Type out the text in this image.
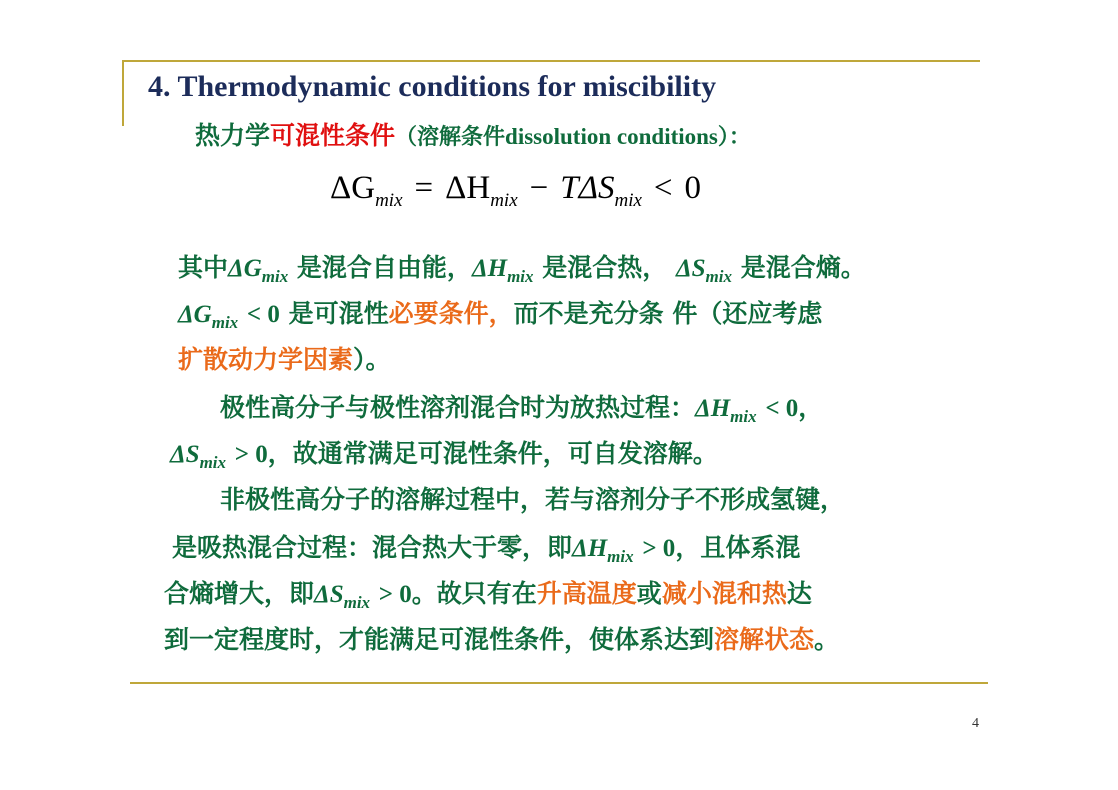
4. Thermodynamic conditions for miscibility
热力学可混性条件（溶解条件dissolution conditions）：
$\Delta G_{mix} = \Delta H_{mix} - T\Delta S_{mix} < 0$
其中$\Delta G_{mix}$ 是混合自由能，$\Delta H_{mix}$ 是混合热， $\Delta S_{mix}$ 是混合熵。
$\Delta G_{mix} < 0$ 是可混性必要条件，而不是充分条 件（还应考虑
扩散动力学因素）。
极性高分子与极性溶剂混合时为放热过程：$\Delta H_{mix} < 0$，
$\Delta S_{mix} > 0$，故通常满足可混性条件，可自发溶解。
非极性高分子的溶解过程中，若与溶剂分子不形成氢键，
是吸热混合过程：混合热大于零，即$\Delta H_{mix} > 0$，且体系混
合熵增大，即$\Delta S_{mix} > 0$。故只有在升高温度或减小混和热达
到一定程度时，才能满足可混性条件，使体系达到溶解状态。
4
